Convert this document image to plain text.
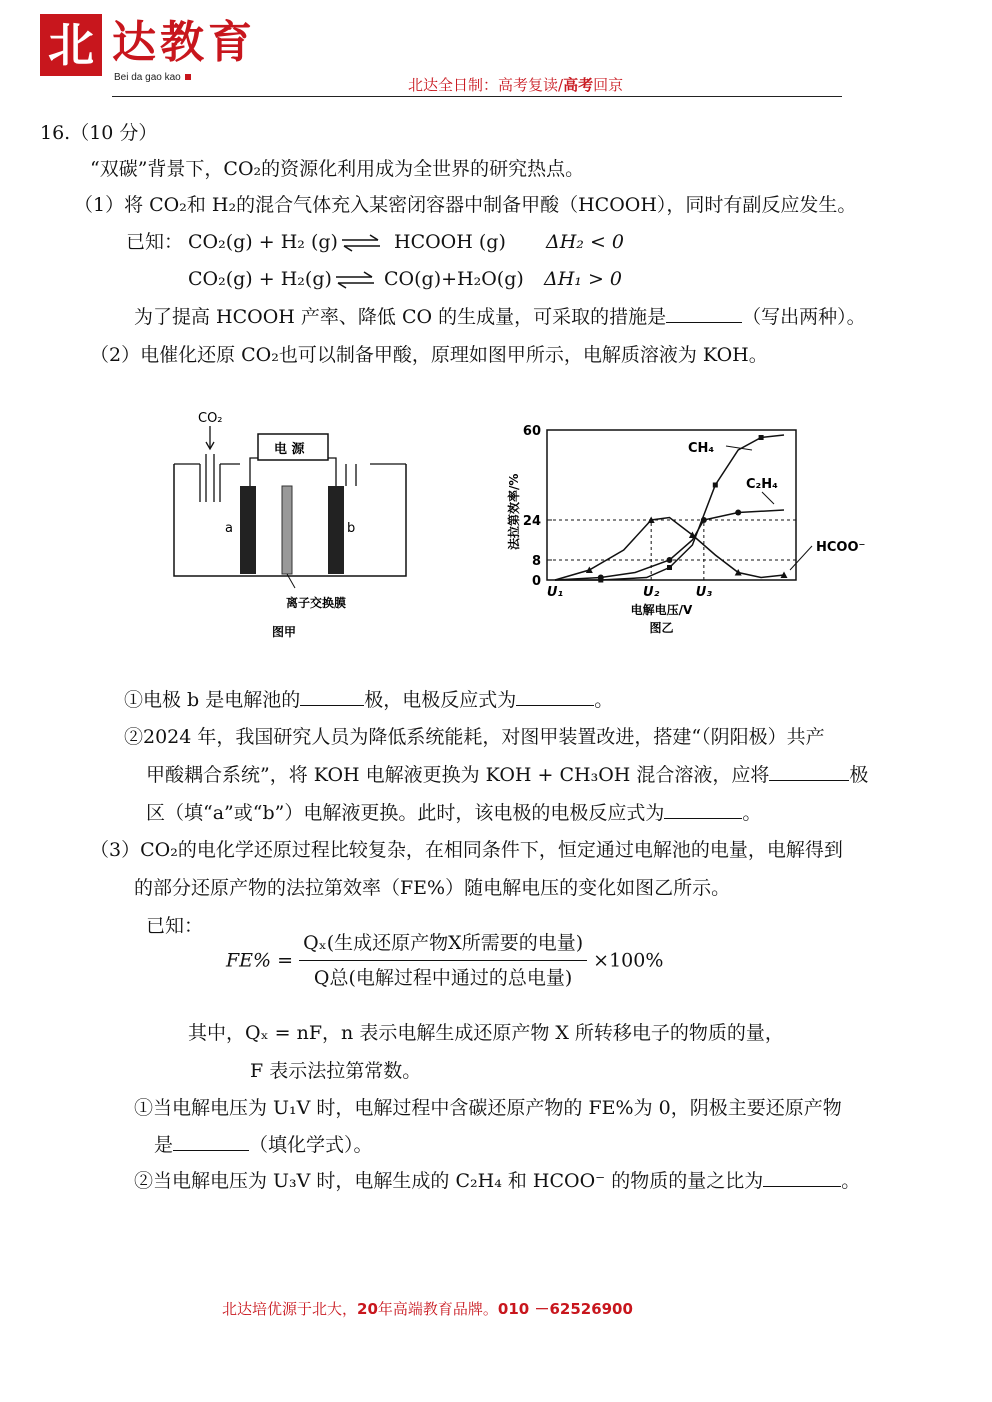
北 达教育
Bei da gao kao	北达全日制：高考复读/高考回京
16.（10 分）
“双碳”背景下，CO₂的资源化利用成为全世界的研究热点。
（1）将 CO₂和 H₂的混合气体充入某密闭容器中制备甲酸（HCOOH），同时有副反应发生。
已知： CO₂(g) + H₂ (g) ⇌ HCOOH (g) ΔH₂ < 0
CO₂(g) + H₂(g) ⇌ CO(g)+H₂O(g) ΔH₁ > 0
为了提高 HCOOH 产率、降低 CO 的生成量，可采取的措施是	（写出两种）。
（2）电催化还原 CO₂也可以制备甲酸，原理如图甲所示，电解质溶液为 KOH。
CO₂
电 源
a	b
离子交换膜
图甲
0
8
24
60
U₁	U₂	U₃
法拉第效率/%
电解电压/V
图乙
CH₄
C₂H₄
HCOO⁻
①电极 b 是电解池的	极，电极反应式为	。
②2024 年，我国研究人员为降低系统能耗，对图甲装置改进，搭建“（阴阳极）共产
甲酸耦合系统”，将 KOH 电解液更换为 KOH + CH₃OH 混合溶液，应将	极
区（填“a”或“b”）电解液更换。此时，该电极的电极反应式为	。
（3）CO₂的电化学还原过程比较复杂，在相同条件下，恒定通过电解池的电量，电解得到
的部分还原产物的法拉第效率（FE%）随电解电压的变化如图乙所示。
已知：
$FE\% = \frac{\text{Qₓ(生成还原产物X所需要的电量)}}{\text{Q总(电解过程中通过的总电量)}} \times 100\%$
其中，Qₓ = nF，n 表示电解生成还原产物 X 所转移电子的物质的量，
F 表示法拉第常数。
①当电解电压为 U₁V 时，电解过程中含碳还原产物的 FE%为 0，阴极主要还原产物
是	（填化学式）。
②当电解电压为 U₃V 时，电解生成的 C₂H₄ 和 HCOO⁻ 的物质的量之比为	。
北达培优源于北大，20年高端教育品牌。010 －62526900
